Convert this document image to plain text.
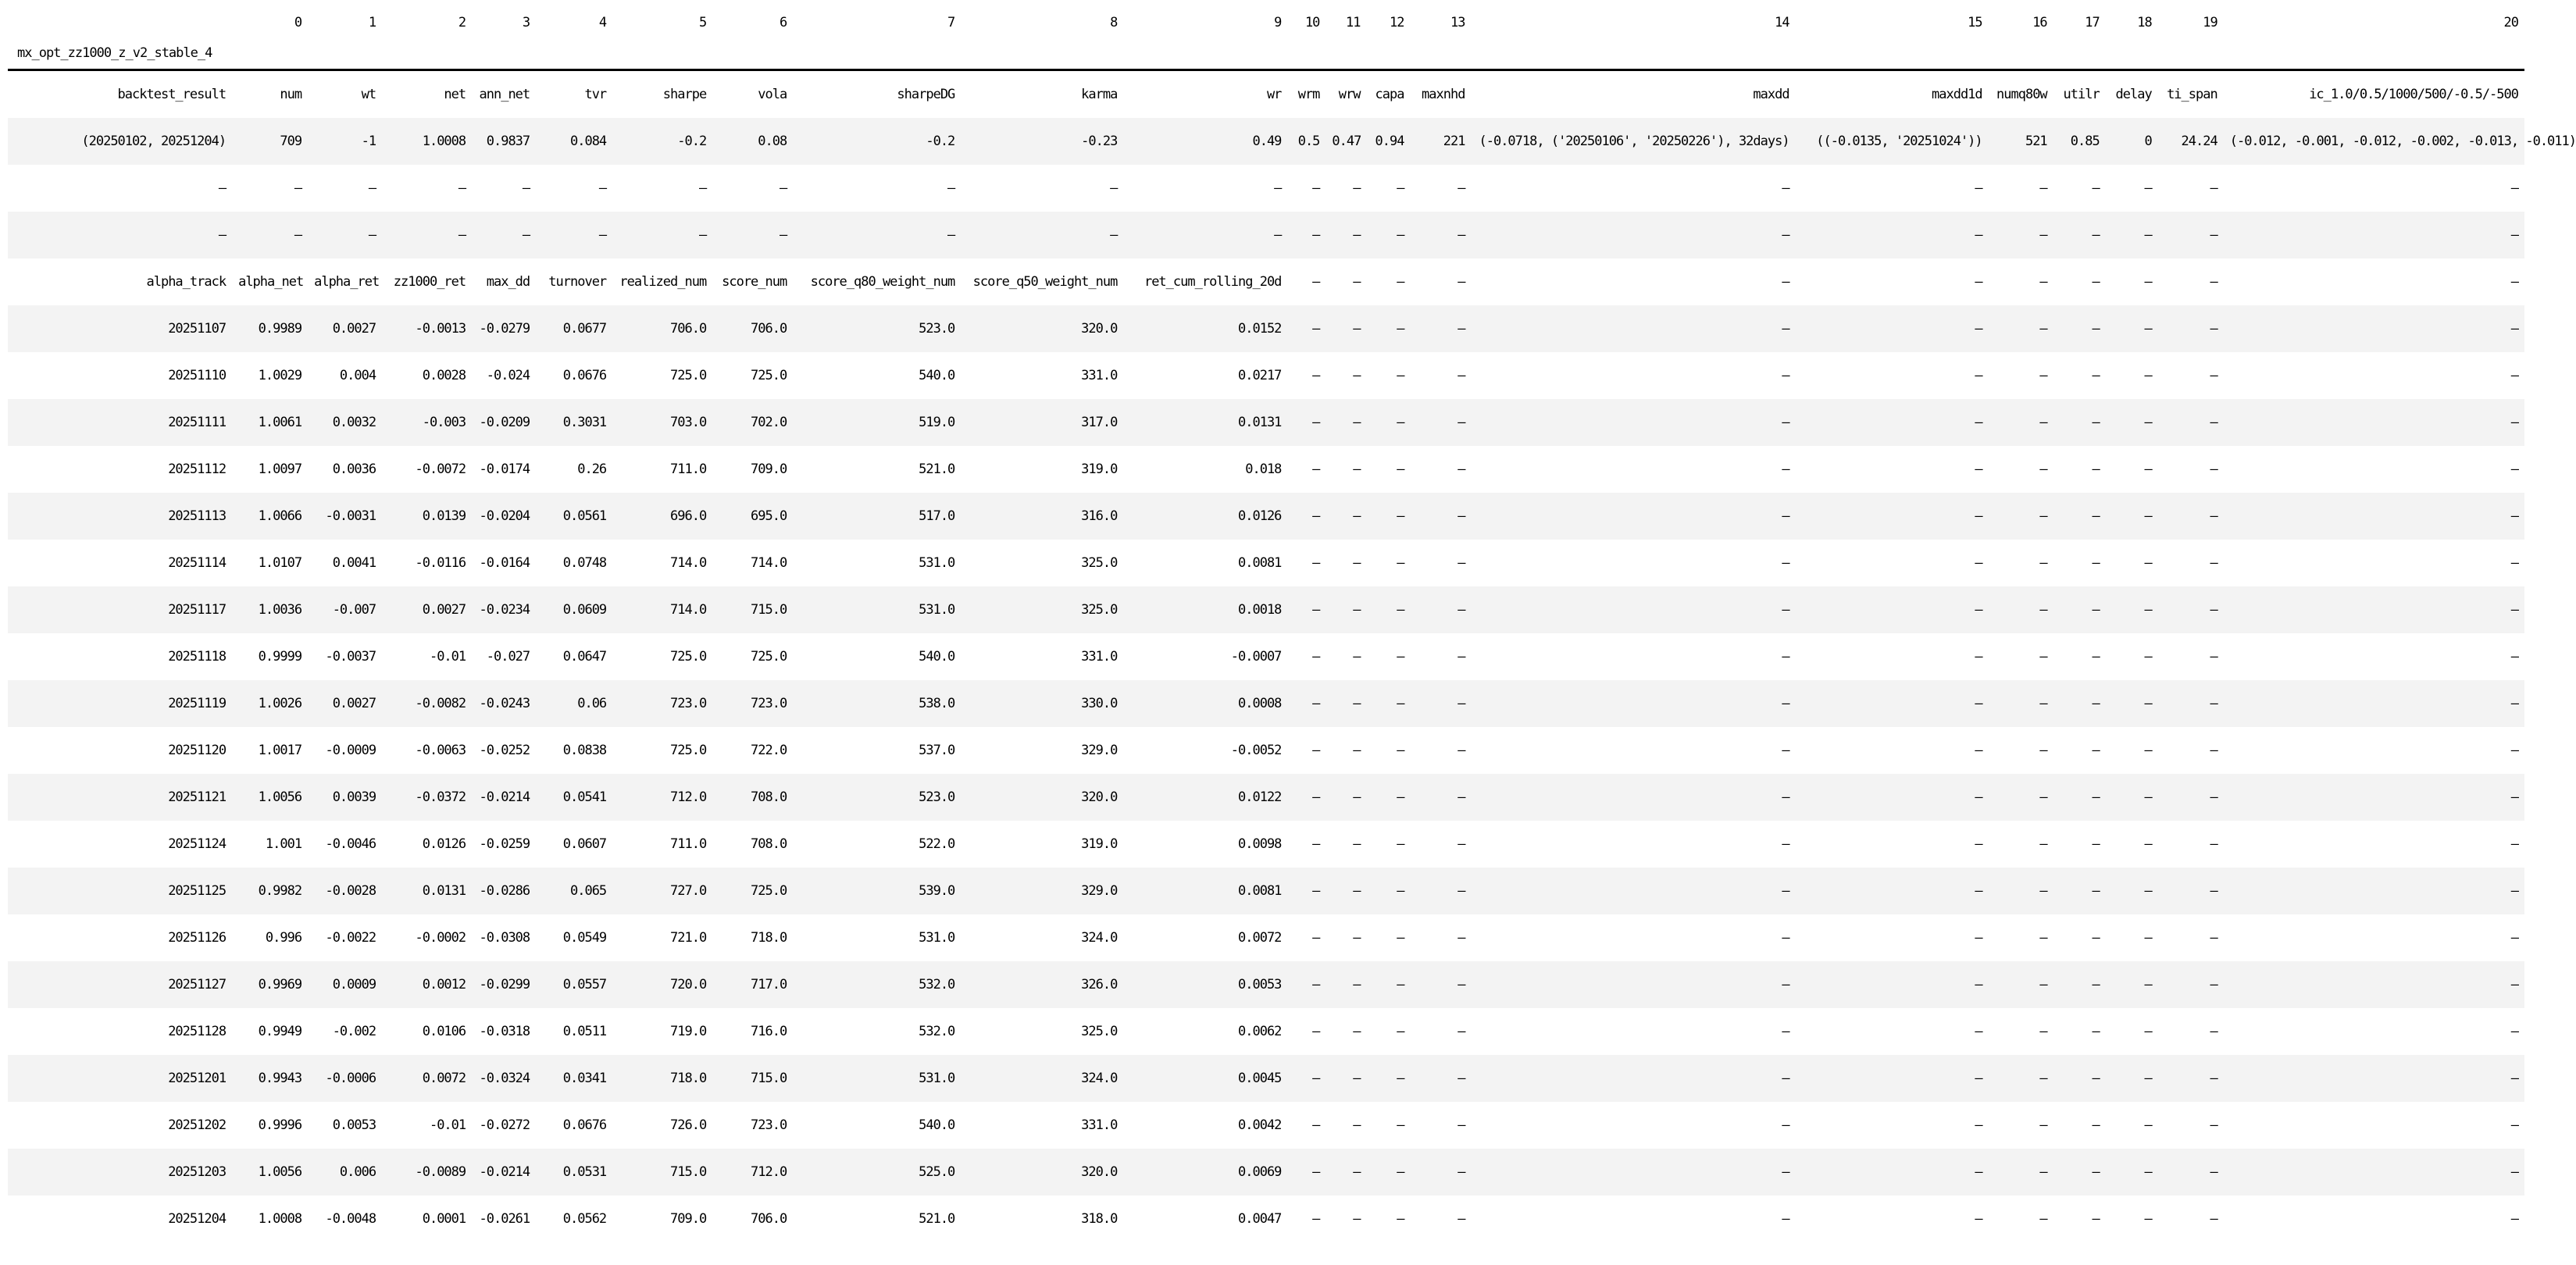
	0	1	2	3	4	5	6	7	8	9	10	11	12	13	14	15	16	17	18	19	20
mx_opt_zz1000_z_v2_stable_4																					
backtest_result	num	wt	net	ann_net	tvr	sharpe	vola	sharpeDG	karma	wr	wrm	wrw	capa	maxnhd	maxdd	maxdd1d	numq80w	utilr	delay	ti_span	ic_1.0/0.5/1000/500/-0.5/-500
(20250102, 20251204)	709	-1	1.0008	0.9837	0.084	-0.2	0.08	-0.2	-0.23	0.49	0.5	0.47	0.94	221	(-0.0718, ('20250106', '20250226'), 32days)	((-0.0135, '20251024'))	521	0.85	0	24.24	(-0.012, -0.001, -0.012, -0.002, -0.013, -0.011)
—	—	—	—	—	—	—	—	—	—	—	—	—	—	—	—	—	—	—	—	—	—
—	—	—	—	—	—	—	—	—	—	—	—	—	—	—	—	—	—	—	—	—	—
alpha_track	alpha_net	alpha_ret	zz1000_ret	max_dd	turnover	realized_num	score_num	score_q80_weight_num	score_q50_weight_num	ret_cum_rolling_20d	—	—	—	—	—	—	—	—	—	—	—
20251107	0.9989	0.0027	-0.0013	-0.0279	0.0677	706.0	706.0	523.0	320.0	0.0152	—	—	—	—	—	—	—	—	—	—	—
20251110	1.0029	0.004	0.0028	-0.024	0.0676	725.0	725.0	540.0	331.0	0.0217	—	—	—	—	—	—	—	—	—	—	—
20251111	1.0061	0.0032	-0.003	-0.0209	0.3031	703.0	702.0	519.0	317.0	0.0131	—	—	—	—	—	—	—	—	—	—	—
20251112	1.0097	0.0036	-0.0072	-0.0174	0.26	711.0	709.0	521.0	319.0	0.018	—	—	—	—	—	—	—	—	—	—	—
20251113	1.0066	-0.0031	0.0139	-0.0204	0.0561	696.0	695.0	517.0	316.0	0.0126	—	—	—	—	—	—	—	—	—	—	—
20251114	1.0107	0.0041	-0.0116	-0.0164	0.0748	714.0	714.0	531.0	325.0	0.0081	—	—	—	—	—	—	—	—	—	—	—
20251117	1.0036	-0.007	0.0027	-0.0234	0.0609	714.0	715.0	531.0	325.0	0.0018	—	—	—	—	—	—	—	—	—	—	—
20251118	0.9999	-0.0037	-0.01	-0.027	0.0647	725.0	725.0	540.0	331.0	-0.0007	—	—	—	—	—	—	—	—	—	—	—
20251119	1.0026	0.0027	-0.0082	-0.0243	0.06	723.0	723.0	538.0	330.0	0.0008	—	—	—	—	—	—	—	—	—	—	—
20251120	1.0017	-0.0009	-0.0063	-0.0252	0.0838	725.0	722.0	537.0	329.0	-0.0052	—	—	—	—	—	—	—	—	—	—	—
20251121	1.0056	0.0039	-0.0372	-0.0214	0.0541	712.0	708.0	523.0	320.0	0.0122	—	—	—	—	—	—	—	—	—	—	—
20251124	1.001	-0.0046	0.0126	-0.0259	0.0607	711.0	708.0	522.0	319.0	0.0098	—	—	—	—	—	—	—	—	—	—	—
20251125	0.9982	-0.0028	0.0131	-0.0286	0.065	727.0	725.0	539.0	329.0	0.0081	—	—	—	—	—	—	—	—	—	—	—
20251126	0.996	-0.0022	-0.0002	-0.0308	0.0549	721.0	718.0	531.0	324.0	0.0072	—	—	—	—	—	—	—	—	—	—	—
20251127	0.9969	0.0009	0.0012	-0.0299	0.0557	720.0	717.0	532.0	326.0	0.0053	—	—	—	—	—	—	—	—	—	—	—
20251128	0.9949	-0.002	0.0106	-0.0318	0.0511	719.0	716.0	532.0	325.0	0.0062	—	—	—	—	—	—	—	—	—	—	—
20251201	0.9943	-0.0006	0.0072	-0.0324	0.0341	718.0	715.0	531.0	324.0	0.0045	—	—	—	—	—	—	—	—	—	—	—
20251202	0.9996	0.0053	-0.01	-0.0272	0.0676	726.0	723.0	540.0	331.0	0.0042	—	—	—	—	—	—	—	—	—	—	—
20251203	1.0056	0.006	-0.0089	-0.0214	0.0531	715.0	712.0	525.0	320.0	0.0069	—	—	—	—	—	—	—	—	—	—	—
20251204	1.0008	-0.0048	0.0001	-0.0261	0.0562	709.0	706.0	521.0	318.0	0.0047	—	—	—	—	—	—	—	—	—	—	—
